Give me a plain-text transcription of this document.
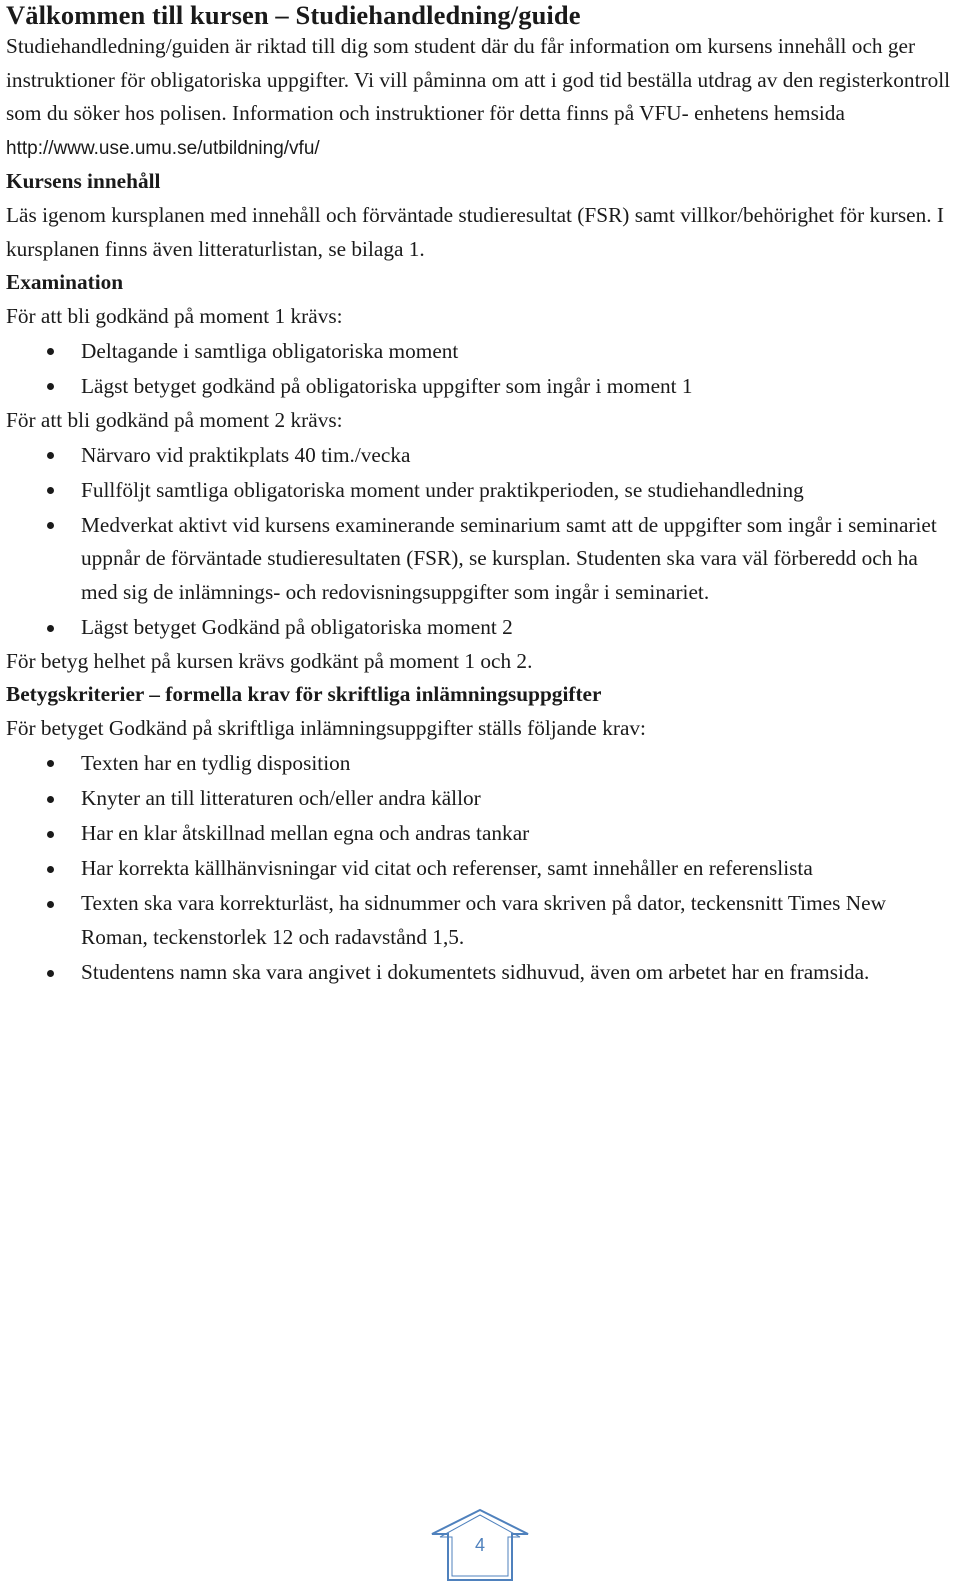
Välkommen till kursen – Studiehandledning/guide

Studiehandledning/guiden är riktad till dig som student där du får information om kursens innehåll och ger instruktioner för obligatoriska uppgifter. Vi vill påminna om att i god tid beställa utdrag av den registerkontroll som du söker hos polisen. Information och instruktioner för detta finns på VFU- enhetens hemsida http://www.use.umu.se/utbildning/vfu/

Kursens innehåll

Läs igenom kursplanen med innehåll och förväntade studieresultat (FSR) samt villkor/behörighet för kursen. I kursplanen finns även litteraturlistan, se bilaga 1.

Examination

För att bli godkänd på moment 1 krävs:

Deltagande i samtliga obligatoriska moment
Lägst betyget godkänd på obligatoriska uppgifter som ingår i moment 1

För att bli godkänd på moment 2 krävs:

Närvaro vid praktikplats 40 tim./vecka
Fullföljt samtliga obligatoriska moment under praktikperioden, se studiehandledning
Medverkat aktivt vid kursens examinerande seminarium samt att de uppgifter som ingår i seminariet uppnår de förväntade studieresultaten (FSR), se kursplan. Studenten ska vara väl förberedd och ha med sig de inlämnings- och redovisningsuppgifter som ingår i seminariet.
Lägst betyget Godkänd på obligatoriska moment 2

För betyg helhet på kursen krävs godkänt på moment 1 och 2.

Betygskriterier – formella krav för skriftliga inlämningsuppgifter

För betyget Godkänd på skriftliga inlämningsuppgifter ställs följande krav:

Texten har en tydlig disposition
Knyter an till litteraturen och/eller andra källor
Har en klar åtskillnad mellan egna och andras tankar
Har korrekta källhänvisningar vid citat och referenser, samt innehåller en referenslista
Texten ska vara korrekturläst, ha sidnummer och vara skriven på dator, teckensnitt Times New Roman, teckenstorlek 12 och radavstånd 1,5.
Studentens namn ska vara angivet i dokumentets sidhuvud, även om arbetet har en framsida.
4
